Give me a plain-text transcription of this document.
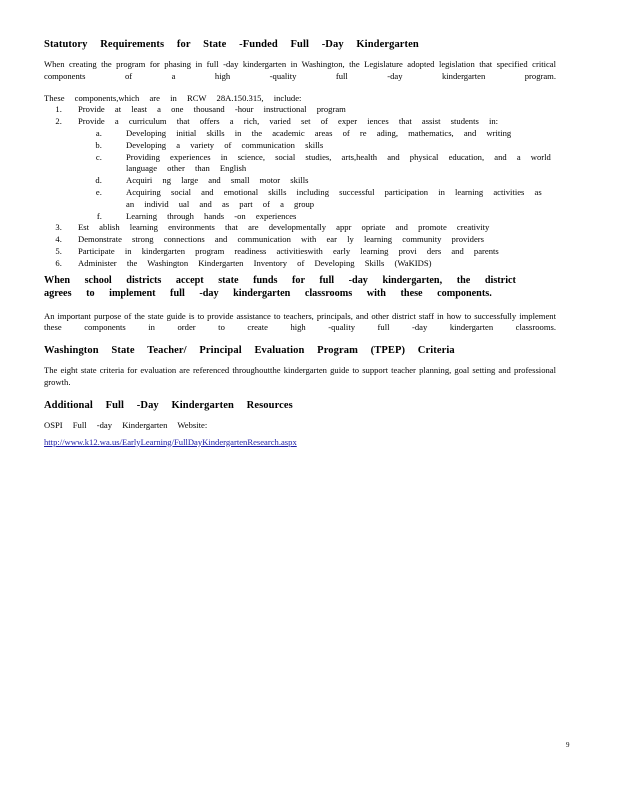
Statutory Requirements for State -Funded Full -Day Kindergarten

When creating the program for phasing in full -day kindergarten in Washington, the Legislature adopted legislation that specified critical components of a high -quality full -day kindergarten program.

These components,which are in RCW 28A.150.315, include:

1. Provide at least a one thousand -hour instructional program
2. Provide a curriculum that offers a rich, varied set of exper iences that assist students in:
a. Developing initial skills in the academic areas of re ading, mathematics, and writing
b. Developing a variety of communication skills
c. Providing experiences in science, social studies, arts,health and physical education, and a world language other than English
d. Acquiri ng large and small motor skills
e. Acquiring social and emotional skills including successful participation in learning activities as an individ ual and as part of a group
f. Learning through hands -on experiences
3. Est ablish learning environments that are developmentally appr opriate and promote creativity
4. Demonstrate strong connections and communication with ear ly learning community providers
5. Participate in kindergarten program readiness activitieswith early learning provi ders and parents
6. Administer the Washington Kindergarten Inventory of Developing Skills (WaKIDS)

When school districts accept state funds for full -day kindergarten, the district agrees to implement full -day kindergarten classrooms with these components.

An important purpose of the state guide is to provide assistance to teachers, principals, and other district staff in how to successfully implement these components in order to create high -quality full -day kindergarten classrooms.

Washington State Teacher/ Principal Evaluation Program (TPEP) Criteria

The eight state criteria for evaluation are referenced throughoutthe kindergarten guide to support teacher planning, goal setting and professional growth.

Additional Full -Day Kindergarten Resources

OSPI Full -day Kindergarten Website:
http://www.k12.wa.us/EarlyLearning/FullDayKindergartenResearch.aspx
9
